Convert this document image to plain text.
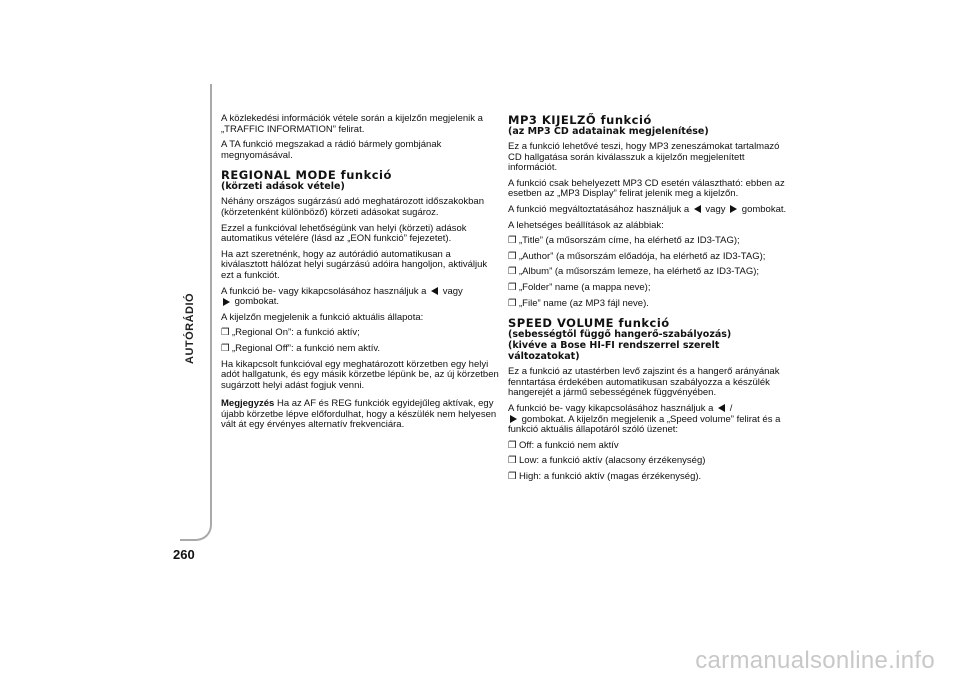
AUTÓRÁDIÓ
260

A közlekedési információk vétele során a kijelzőn megjelenik a „TRAFFIC INFORMATION” felirat.

A TA funkció megszakad a rádió bármely gombjának megnyomásával.

REGIONAL MODE funkció
(körzeti adások vétele)

Néhány országos sugárzású adó meghatározott időszakokban (körzetenként különböző) körzeti adásokat sugároz.

Ezzel a funkcióval lehetőségünk van helyi (körzeti) adások automatikus vételére (lásd az „EON funkció” fejezetet).

Ha azt szeretnénk, hogy az autórádió automatikusan a kiválasztott hálózat helyi sugárzású adóira hangoljon, aktiváljuk ezt a funkciót.

A funkció be- vagy kikapcsolásához használjuk a vagy
gombokat.

A kijelzőn megjelenik a funkció aktuális állapota:

❒ „Regional On”: a funkció aktív;
❒ „Regional Off”: a funkció nem aktív.

Ha kikapcsolt funkcióval egy meghatározott körzetben egy helyi adót hallgatunk, és egy másik körzetbe lépünk be, az új körzetben sugárzott helyi adást fogjuk venni.

Megjegyzés Ha az AF és REG funkciók egyidejűleg aktívak, egy újabb körzetbe lépve előfordulhat, hogy a készülék nem helyesen vált át egy érvényes alternatív frekvenciára.

MP3 KIJELZŐ funkció
(az MP3 CD adatainak megjelenítése)

Ez a funkció lehetővé teszi, hogy MP3 zeneszámokat tartalmazó CD hallgatása során kiválasszuk a kijelzőn megjelenített információt.

A funkció csak behelyezett MP3 CD esetén választható: ebben az esetben az „MP3 Display” felirat jelenik meg a kijelzőn.

A funkció megváltoztatásához használjuk a vagy gombokat.

A lehetséges beállítások az alábbiak:

❒ „Title” (a műsorszám címe, ha elérhető az ID3-TAG);
❒ „Author” (a műsorszám előadója, ha elérhető az ID3-TAG);
❒ „Album” (a műsorszám lemeze, ha elérhető az ID3-TAG);
❒ „Folder” name (a mappa neve);
❒ „File” name (az MP3 fájl neve).
SPEED VOLUME funkció
(sebességtől függő hangerő-szabályozás)
(kivéve a Bose HI-FI rendszerrel szerelt változatokat)

Ez a funkció az utastérben levő zajszint és a hangerő arányának fenntartása érdekében automatikusan szabályozza a készülék hangerejét a jármű sebességének függvényében.

A funkció be- vagy kikapcsolásához használjuk a /
gombokat. A kijelzőn megjelenik a „Speed volume” felirat és a funkció aktuális állapotáról szóló üzenet:

❒ Off: a funkció nem aktív
❒ Low: a funkció aktív (alacsony érzékenység)
❒ High: a funkció aktív (magas érzékenység).
carmanualsonline.info
